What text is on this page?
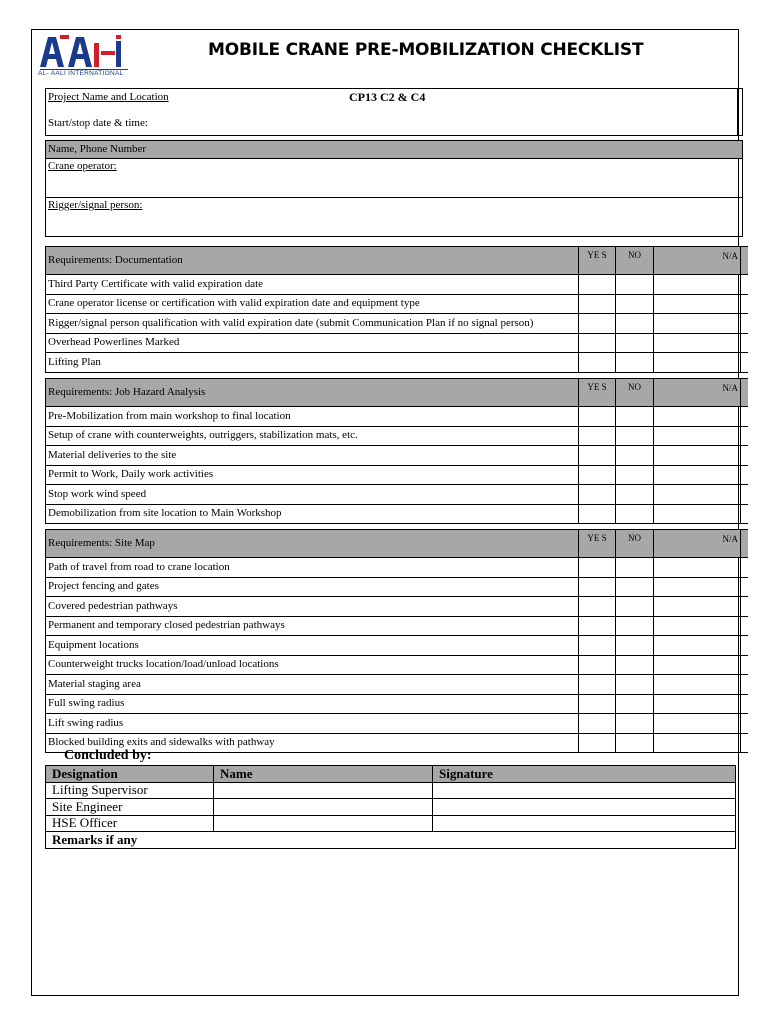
AL- AALI INTERNATIONAL
MOBILE CRANE PRE-MOBILIZATION CHECKLIST
Project Name and Location	CP13 C2 & C4
Start/stop date & time:
Name, Phone Number
Crane operator:
Rigger/signal person:
Requirements: Documentation	YE S	NO	N/A	
Third Party Certificate with valid expiration date				
Crane operator license or certification with valid expiration date and equipment type				
Rigger/signal person qualification with valid expiration date (submit Communication Plan if no signal person)				
Overhead Powerlines Marked				
Lifting Plan				
Requirements: Job Hazard Analysis	YE S	NO	N/A	
Pre-Mobilization from main workshop to final location				
Setup of crane with counterweights, outriggers, stabilization mats, etc.				
Material deliveries to the site				
Permit to Work, Daily work activities				
Stop work wind speed				
Demobilization from site location to Main Workshop				
Requirements: Site Map	YE S	NO	N/A	
Path of travel from road to crane location				
Project fencing and gates				
Covered pedestrian pathways				
Permanent and temporary closed pedestrian pathways				
Equipment locations				
Counterweight trucks location/load/unload locations				
Material staging area				
Full swing radius				
Lift swing radius				
Blocked building exits and sidewalks with pathway				
Concluded by:
Designation	Name	Signature
Lifting Supervisor		
Site Engineer		
HSE Officer		
Remarks if any		
